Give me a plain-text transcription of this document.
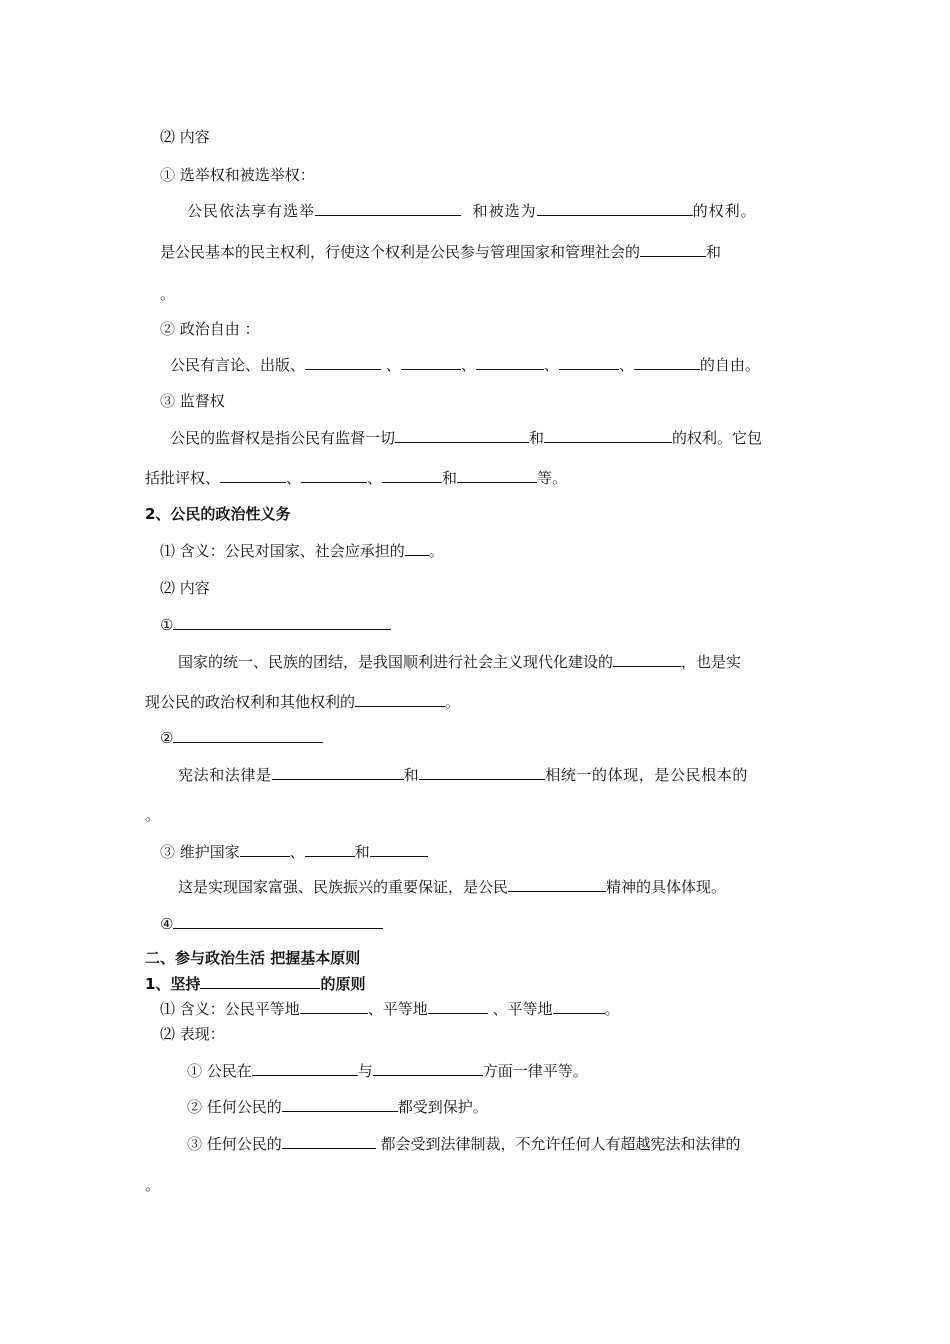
⑵ 内容
① 选举权和被选举权：
公民依法享有选举	和被选为	的权利。
是公民基本的民主权利，行使这个权利是公民参与管理国家和管理社会的	和
。
② 政治自由 ：
公民有言论、出版、	、	、	、	、	的自由。
③ 监督权
公民的监督权是指公民有监督一切	和	的权利。它包
括批评权、	、	、	和	等。
2、公民的政治性义务
⑴ 含义：公民对国家、社会应承担的 。
⑵ 内容
①
国家的统一、民族的团结，是我国顺利进行社会主义现代化建设的	，也是实
现公民的政治权利和其他权利的	。
②
宪法和法律是	和	相统一的体现，是公民根本的
。
③ 维护国家	、	和
这是实现国家富强、民族振兴的重要保证，是公民	精神的具体体现。
④
二、参与政治生活 把握基本原则
1、坚持	的原则
⑴ 含义：公民平等地	、平等地	、平等地	。
⑵ 表现：
① 公民在	与	方面一律平等。
② 任何公民的	都受到保护。
③ 任何公民的	都会受到法律制裁，不允许任何人有超越宪法和法律的
。
